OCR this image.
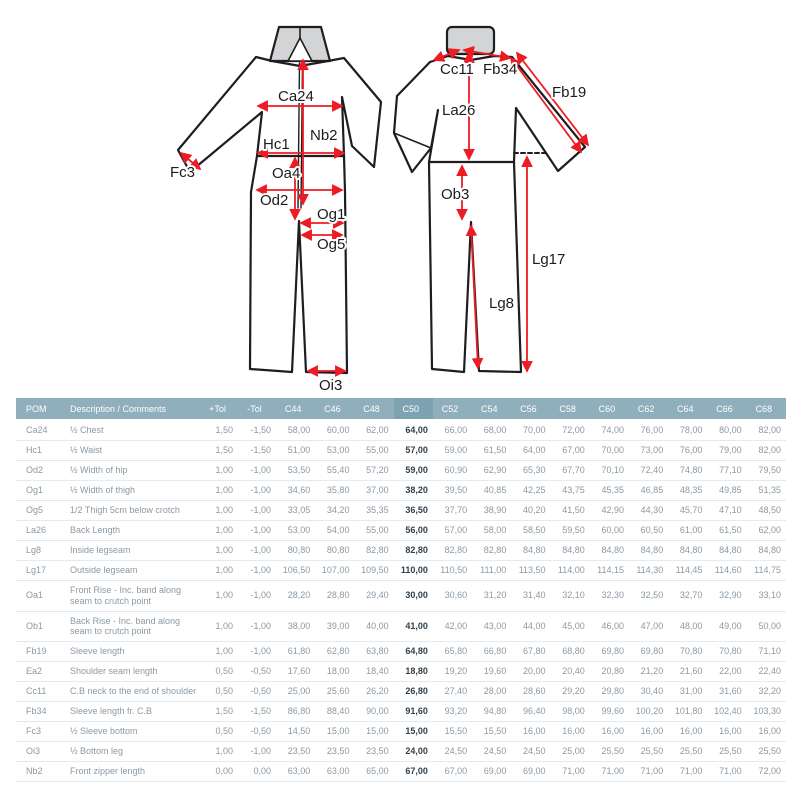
Ca24
Nb2
Hc1
Oa4
Od2
Og1
Og5
Oi3
Fc3
Cc11 Fb34
Fb19
La26
Ob3
Lg8
Lg17
POM	Description / Comments	+Tol	-Tol	C44	C46	C48	C50	C52	C54	C56	C58	C60	C62	C64	C66	C68
Ca24	½ Chest	1,50	-1,50	58,00	60,00	62,00	64,00	66,00	68,00	70,00	72,00	74,00	76,00	78,00	80,00	82,00
Hc1	½ Waist	1,50	-1,50	51,00	53,00	55,00	57,00	59,00	61,50	64,00	67,00	70,00	73,00	76,00	79,00	82,00
Od2	½ Width of hip	1,00	-1,00	53,50	55,40	57,20	59,00	60,90	62,90	65,30	67,70	70,10	72,40	74,80	77,10	79,50
Og1	½ Width of thigh	1,00	-1,00	34,60	35,80	37,00	38,20	39,50	40,85	42,25	43,75	45,35	46,85	48,35	49,85	51,35
Og5	1/2 Thigh 5cm below crotch	1,00	-1,00	33,05	34,20	35,35	36,50	37,70	38,90	40,20	41,50	42,90	44,30	45,70	47,10	48,50
La26	Back Length	1,00	-1,00	53,00	54,00	55,00	56,00	57,00	58,00	58,50	59,50	60,00	60,50	61,00	61,50	62,00
Lg8	Inside legseam	1,00	-1,00	80,80	80,80	82,80	82,80	82,80	82,80	84,80	84,80	84,80	84,80	84,80	84,80	84,80
Lg17	Outside legseam	1,00	-1,00	106,50	107,00	109,50	110,00	110,50	111,00	113,50	114,00	114,15	114,30	114,45	114,60	114,75
Oa1	Front Rise - Inc. band along seam to crutch point	1,00	-1,00	28,20	28,80	29,40	30,00	30,60	31,20	31,40	32,10	32,30	32,50	32,70	32,90	33,10
Ob1	Back Rise - Inc. band along seam to crutch point	1,00	-1,00	38,00	39,00	40,00	41,00	42,00	43,00	44,00	45,00	46,00	47,00	48,00	49,00	50,00
Fb19	Sleeve length	1,00	-1,00	61,80	62,80	63,80	64,80	65,80	66,80	67,80	68,80	69,80	69,80	70,80	70,80	71,10
Ea2	Shoulder seam length	0,50	-0,50	17,60	18,00	18,40	18,80	19,20	19,60	20,00	20,40	20,80	21,20	21,60	22,00	22,40
Cc11	C.B neck to the end of shoulder	0,50	-0,50	25,00	25,60	26,20	26,80	27,40	28,00	28,60	29,20	29,80	30,40	31,00	31,60	32,20
Fb34	Sleeve length fr. C.B	1,50	-1,50	86,80	88,40	90,00	91,60	93,20	94,80	96,40	98,00	99,60	100,20	101,80	102,40	103,30
Fc3	½ Sleeve bottom	0,50	-0,50	14,50	15,00	15,00	15,00	15,50	15,50	16,00	16,00	16,00	16,00	16,00	16,00	16,00
Oi3	½ Bottom leg	1,00	-1,00	23,50	23,50	23,50	24,00	24,50	24,50	24,50	25,00	25,50	25,50	25,50	25,50	25,50
Nb2	Front zipper length	0,00	0,00	63,00	63,00	65,00	67,00	67,00	69,00	69,00	71,00	71,00	71,00	71,00	71,00	72,00
